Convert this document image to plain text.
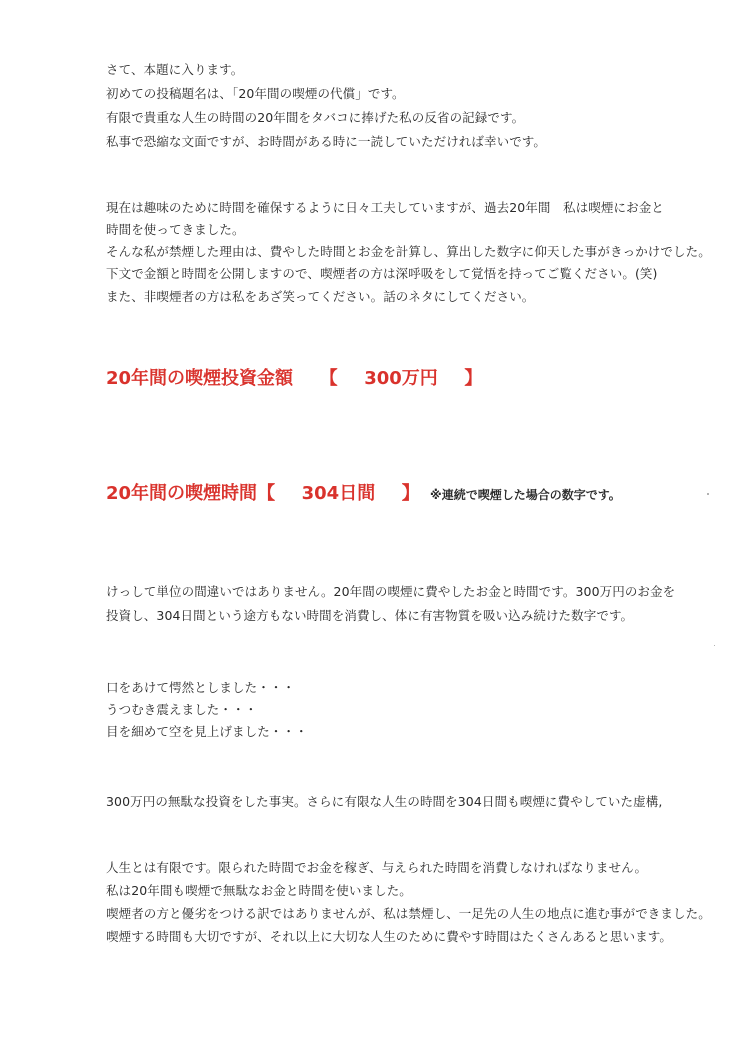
さて、本題に入ります。
初めての投稿題名は、「20年間の喫煙の代償」です。
有限で貴重な人生の時間の20年間をタバコに捧げた私の反省の記録です。
私事で恐縮な文面ですが、お時間がある時に一読していただければ幸いです。
現在は趣味のために時間を確保するように日々工夫していますが、過去20年間　私は喫煙にお金と
時間を使ってきました。
そんな私が禁煙した理由は、費やした時間とお金を計算し、算出した数字に仰天した事がきっかけでした。
下文で金額と時間を公開しますので、喫煙者の方は深呼吸をして覚悟を持ってご覧ください。(笑)
また、非喫煙者の方は私をあざ笑ってください。話のネタにしてください。
20年間の喫煙投資金額 【 300万円 】
20年間の喫煙時間【 304日間 】 ※連続で喫煙した場合の数字です。
けっして単位の間違いではありません。20年間の喫煙に費やしたお金と時間です。300万円のお金を
投資し、304日間という途方もない時間を消費し、体に有害物質を吸い込み続けた数字です。
口をあけて愕然としました・・・
うつむき震えました・・・
目を細めて空を見上げました・・・
300万円の無駄な投資をした事実。さらに有限な人生の時間を304日間も喫煙に費やしていた虚構,
人生とは有限です。限られた時間でお金を稼ぎ、与えられた時間を消費しなければなりません。
私は20年間も喫煙で無駄なお金と時間を使いました。
喫煙者の方と優劣をつける訳ではありませんが、私は禁煙し、一足先の人生の地点に進む事ができました。
喫煙する時間も大切ですが、それ以上に大切な人生のために費やす時間はたくさんあると思います。
